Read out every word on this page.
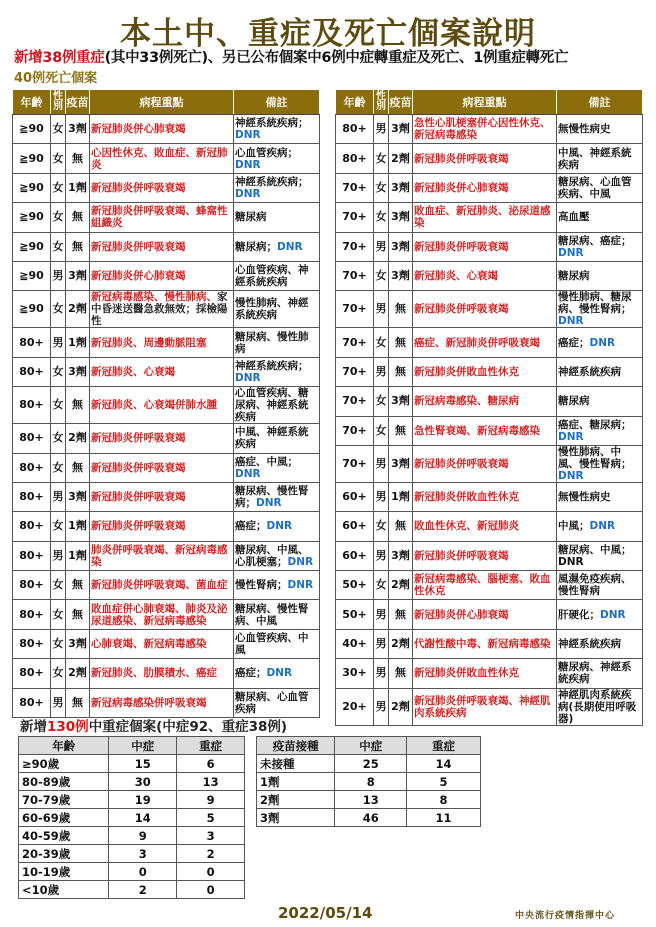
本土中、重症及死亡個案說明
新增38例重症(其中33例死亡)、另已公布個案中6例中症轉重症及死亡、1例重症轉死亡
40例死亡個案
年齡	性別	疫苗	病程重點	備註
≧90	女	3劑	新冠肺炎併心肺衰竭	神經系統疾病；DNR
≧90	女	無	心因性休克、敗血症、新冠肺炎	心血管疾病；DNR
≧90	女	1劑	新冠肺炎併呼吸衰竭	神經系統疾病；DNR
≧90	女	無	新冠肺炎併呼吸衰竭、蜂窩性組織炎	糖尿病
≧90	女	無	新冠肺炎併呼吸衰竭	糖尿病；DNR
≧90	男	3劑	新冠肺炎併心肺衰竭	心血管疾病、神經系統疾病
≧90	女	2劑	新冠病毒感染、慢性肺病、家中昏迷送醫急救無效；採檢陽性	慢性肺病、神經系統疾病
80+	男	1劑	新冠肺炎、周邊動脈阻塞	糖尿病、慢性肺病
80+	女	3劑	新冠肺炎、心衰竭	神經系統疾病；DNR
80+	女	無	新冠肺炎、心衰竭併肺水腫	心血管疾病、糖尿病、神經系統疾病
80+	女	2劑	新冠肺炎併呼吸衰竭	中風、神經系統疾病
80+	女	無	新冠肺炎併呼吸衰竭	癌症、中風；DNR
80+	男	3劑	新冠肺炎併呼吸衰竭	糖尿病、慢性腎病；DNR
80+	女	1劑	新冠肺炎併呼吸衰竭	癌症；DNR
80+	男	1劑	肺炎併呼吸衰竭、新冠病毒感染	糖尿病、中風、心肌梗塞；DNR
80+	女	無	新冠肺炎併呼吸衰竭、菌血症	慢性腎病；DNR
80+	女	無	敗血症併心肺衰竭、肺炎及泌尿道感染、新冠病毒感染	糖尿病、慢性腎病、中風
80+	女	3劑	心肺衰竭、新冠病毒感染	心血管疾病、中風
80+	女	2劑	新冠肺炎、肋膜積水、癌症	癌症；DNR
80+	男	無	新冠病毒感染併呼吸衰竭	糖尿病、心血管疾病
年齡	性別	疫苗	病程重點	備註
80+	男	3劑	急性心肌梗塞併心因性休克、新冠病毒感染	無慢性病史
80+	女	2劑	新冠肺炎併呼吸衰竭	中風、神經系統疾病
70+	女	3劑	新冠肺炎併心肺衰竭	糖尿病、心血管疾病、中風
70+	女	3劑	敗血症、新冠肺炎、泌尿道感染	高血壓
70+	男	3劑	新冠肺炎併呼吸衰竭	糖尿病、癌症；DNR
70+	女	3劑	新冠肺炎、心衰竭	糖尿病
70+	男	無	新冠肺炎併呼吸衰竭	慢性肺病、糖尿病、慢性腎病；DNR
70+	女	無	癌症、新冠肺炎併呼吸衰竭	癌症；DNR
70+	男	無	新冠肺炎併敗血性休克	神經系統疾病
70+	女	3劑	新冠病毒感染、糖尿病	糖尿病
70+	女	無	急性腎衰竭、新冠病毒感染	癌症、糖尿病；DNR
70+	男	3劑	新冠肺炎併呼吸衰竭	慢性肺病、中風、慢性腎病；DNR
60+	男	1劑	新冠肺炎併敗血性休克	無慢性病史
60+	女	無	敗血性休克、新冠肺炎	中風；DNR
60+	男	3劑	新冠肺炎併呼吸衰竭	糖尿病、中風；DNR
50+	女	2劑	新冠病毒感染、腦梗塞、敗血性休克	風濕免疫疾病、慢性腎病
50+	男	無	新冠肺炎併心肺衰竭	肝硬化；DNR
40+	男	2劑	代謝性酸中毒、新冠病毒感染	神經系統疾病
30+	男	無	新冠肺炎併敗血性休克	糖尿病、神經系統疾病
20+	男	2劑	新冠肺炎併呼吸衰竭、神經肌肉系統疾病	神經肌肉系統疾病(長期使用呼吸器)
新增130例中重症個案(中症92、重症38例)
年齡	中症	重症
≥90歲	15	6
80-89歲	30	13
70-79歲	19	9
60-69歲	14	5
40-59歲	9	3
20-39歲	3	2
10-19歲	0	0
<10歲	2	0
疫苗接種	中症	重症
未接種	25	14
1劑	8	5
2劑	13	8
3劑	46	11
2022/05/14	中央流行疫情指揮中心
